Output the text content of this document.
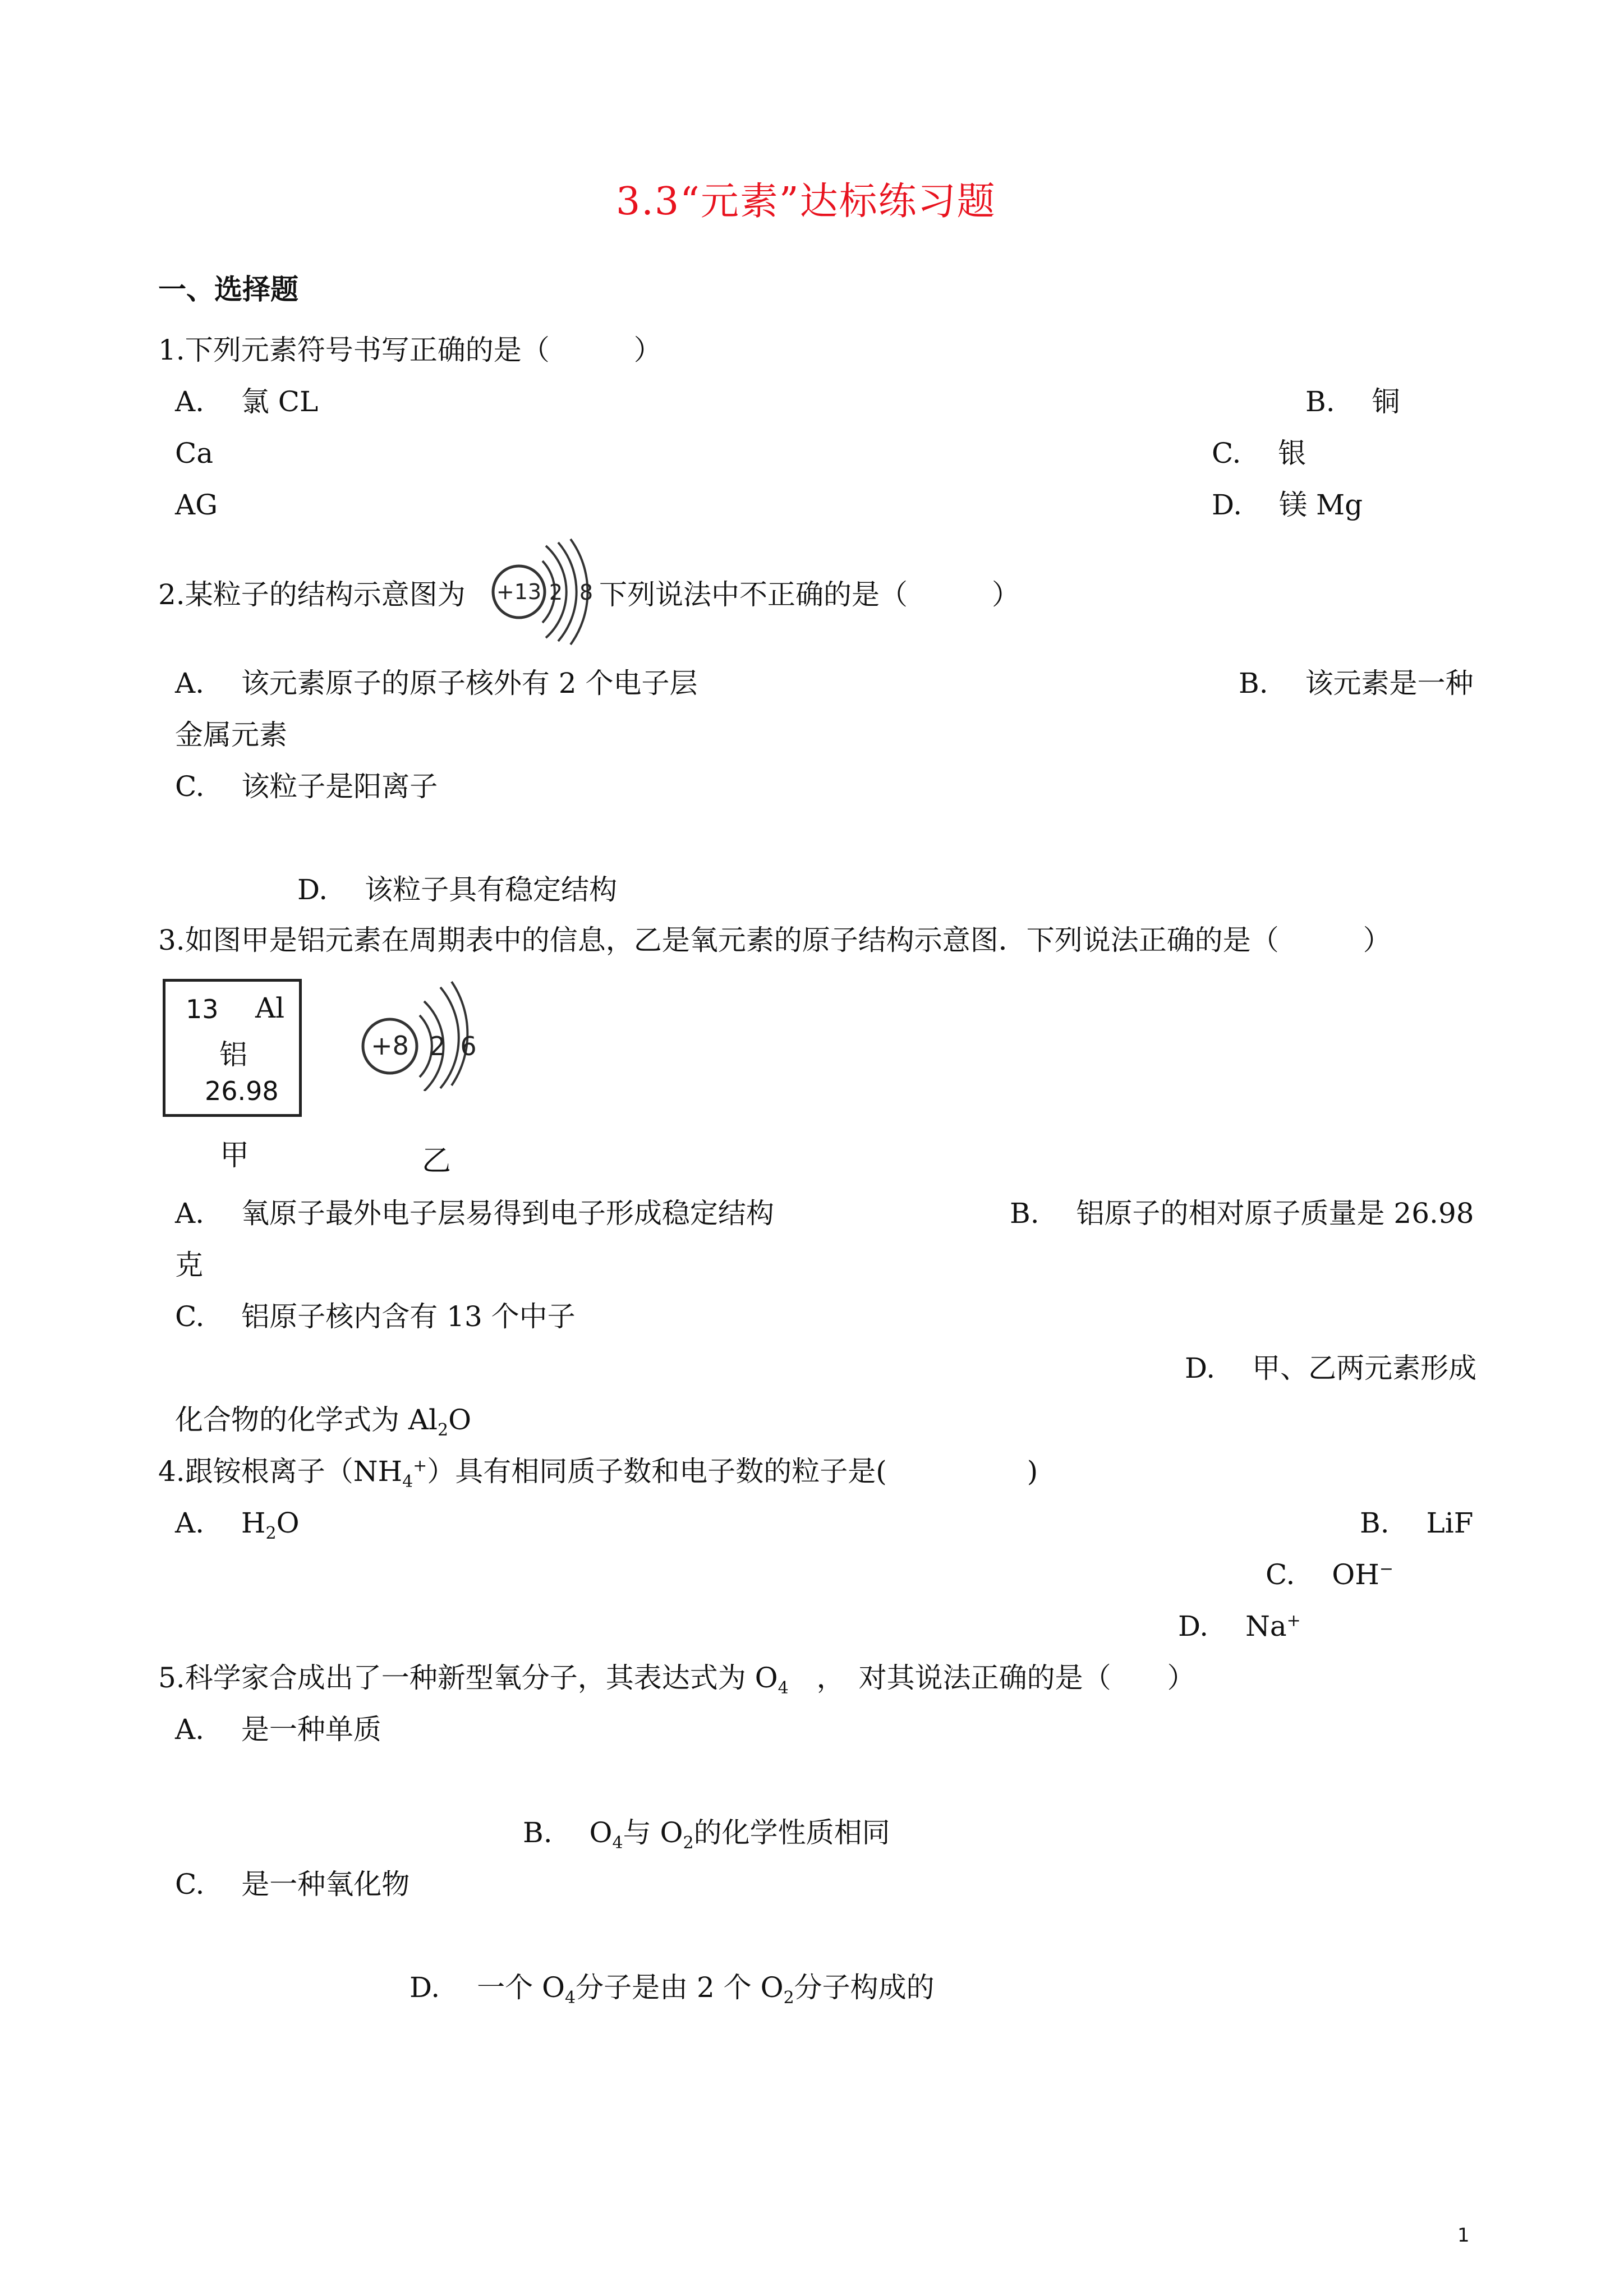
3.3“元素”达标练习题
一、选择题
1.下列元素符号书写正确的是（　　　）
A.　 氯 CL	B.　 铜
Ca	C.　 银
AG	D.　 镁 Mg
2.某粒子的结构示意图为 +13 2 8 下列说法中不正确的是（　　　）
A.　 该元素原子的原子核外有 2 个电子层	B.　 该元素是一种
金属元素
C.　 该粒子是阳离子
D.　 该粒子具有稳定结构
3.如图甲是铝元素在周期表中的信息，乙是氧元素的原子结构示意图．下列说法正确的是（　　　）
13 Al
铝
26.98
甲
+8 2 6
乙
A.　 氧原子最外电子层易得到电子形成稳定结构	B.　 铝原子的相对原子质量是 26.98
克
C.　 铝原子核内含有 13 个中子
D.　 甲、乙两元素形成
化合物的化学式为 $Al_2O$
4.跟铵根离子$(NH_4^+)$具有相同质子数和电子数的粒子是(　　　　　)
A.　 $H_2O$	B.　 LiF
C.　 OH−
D.　 Na+
5.科学家合成出了一种新型氧分子，其表达式为 $O_4$　，　对其说法正确的是（　　）
A.　 是一种单质
B.　 $O_4$与 $O_2$的化学性质相同
C.　 是一种氧化物
D.　 一个 $O_4$分子是由 2 个 $O_2$分子构成的
1
